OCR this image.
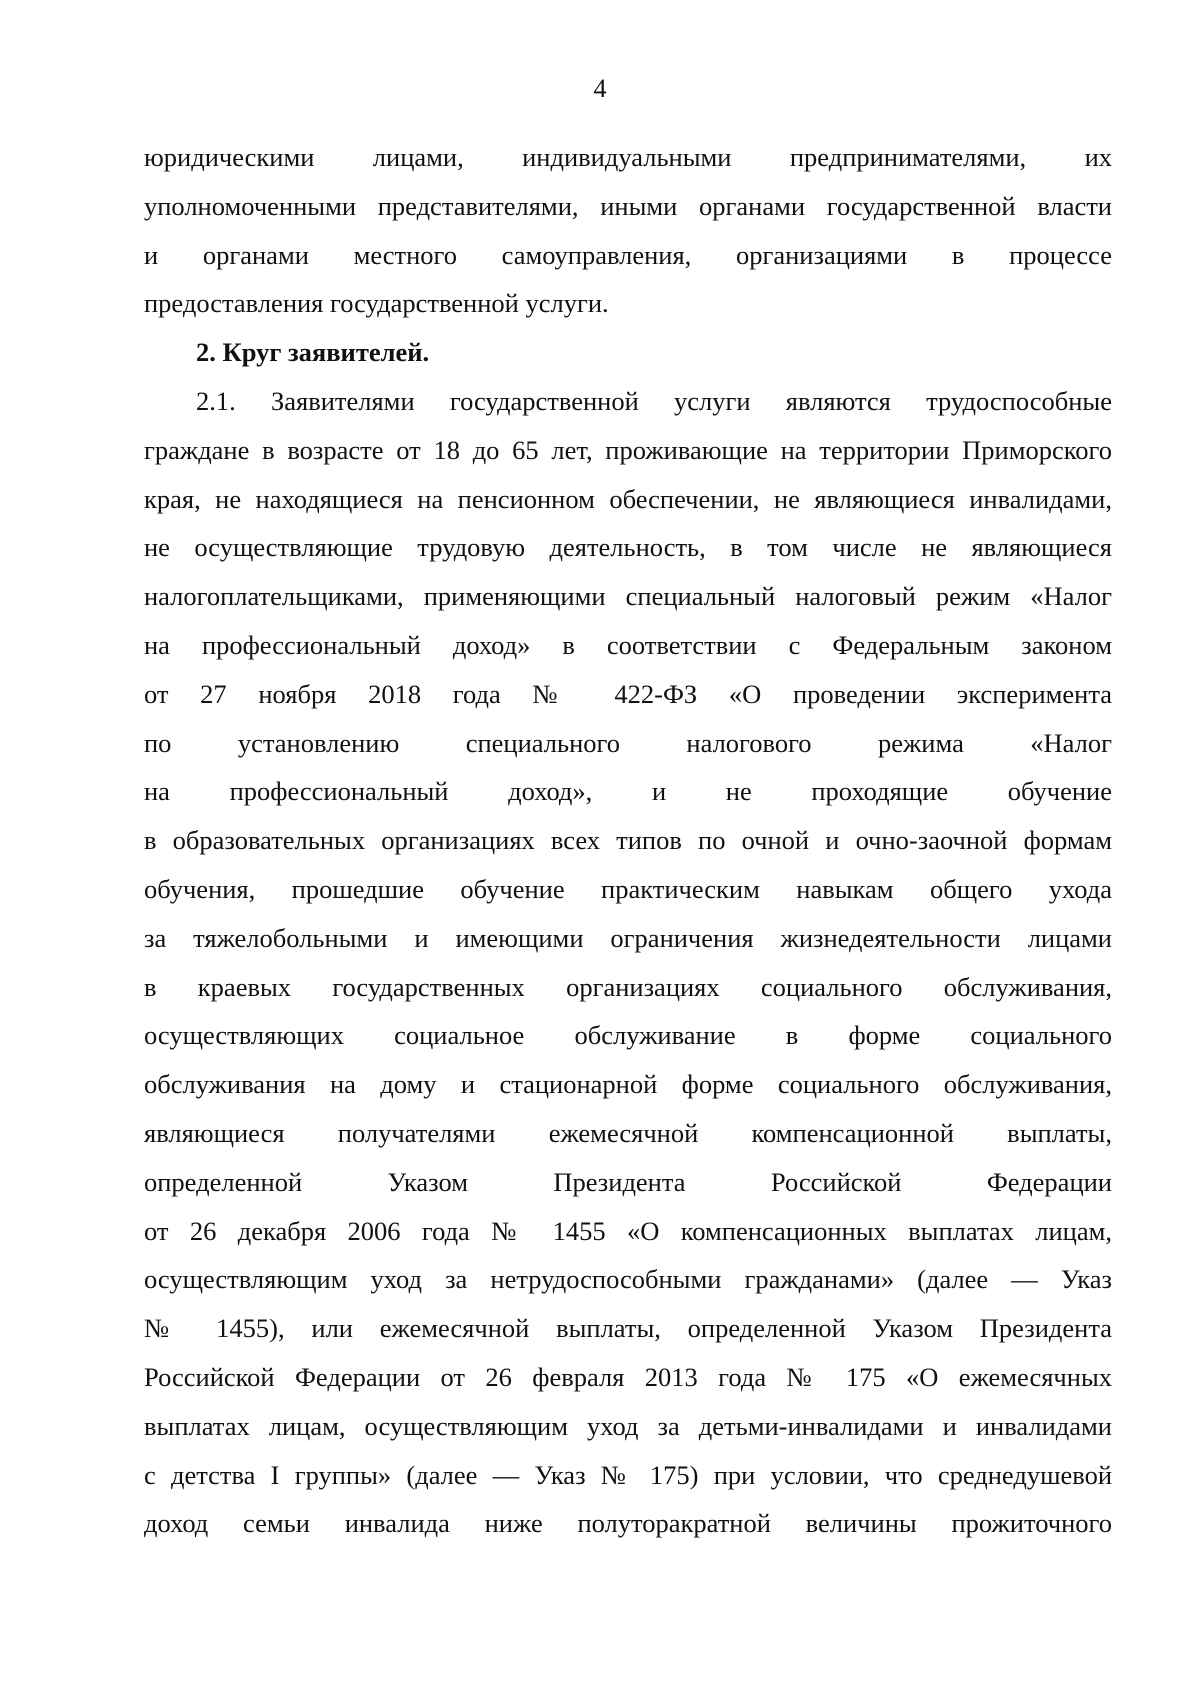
4
юридическими лицами, индивидуальными предпринимателями, их
уполномоченными представителями, иными органами государственной власти
и органами местного самоуправления, организациями в процессе
предоставления государственной услуги.
2. Круг заявителей.
2.1. Заявителями государственной услуги являются трудоспособные
граждане в возрасте от 18 до 65 лет, проживающие на территории Приморского
края, не находящиеся на пенсионном обеспечении, не являющиеся инвалидами,
не осуществляющие трудовую деятельность, в том числе не являющиеся
налогоплательщиками, применяющими специальный налоговый режим «Налог
на профессиональный доход» в соответствии с Федеральным законом
от 27 ноября 2018 года № 422-ФЗ «О проведении эксперимента
по установлению специального налогового режима «Налог
на профессиональный доход», и не проходящие обучение
в образовательных организациях всех типов по очной и очно-заочной формам
обучения, прошедшие обучение практическим навыкам общего ухода
за тяжелобольными и имеющими ограничения жизнедеятельности лицами
в краевых государственных организациях социального обслуживания,
осуществляющих социальное обслуживание в форме социального
обслуживания на дому и стационарной форме социального обслуживания,
являющиеся получателями ежемесячной компенсационной выплаты,
определенной Указом Президента Российской Федерации
от 26 декабря 2006 года № 1455 «О компенсационных выплатах лицам,
осуществляющим уход за нетрудоспособными гражданами» (далее — Указ
№ 1455), или ежемесячной выплаты, определенной Указом Президента
Российской Федерации от 26 февраля 2013 года № 175 «О ежемесячных
выплатах лицам, осуществляющим уход за детьми-инвалидами и инвалидами
с детства I группы» (далее — Указ № 175) при условии, что среднедушевой
доход семьи инвалида ниже полуторакратной величины прожиточного
